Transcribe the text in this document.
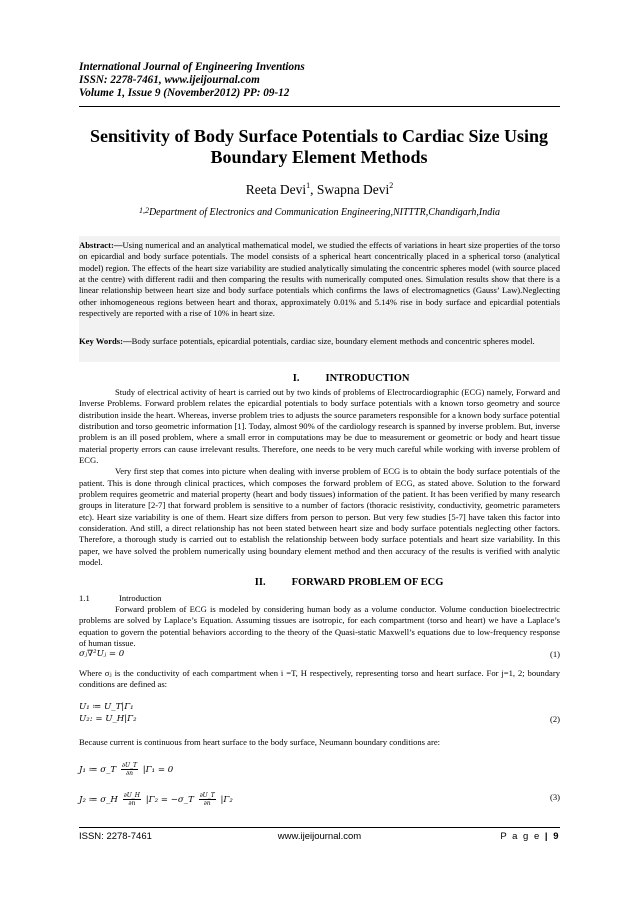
International Journal of Engineering Inventions
ISSN: 2278-7461, www.ijeijournal.com
Volume 1, Issue 9 (November2012) PP: 09-12
Sensitivity of Body Surface Potentials to Cardiac Size Using
Boundary Element Methods
Reeta Devi$^1$, Swapna Devi$^2$
$^{1,2}$Department of Electronics and Communication Engineering,NITTTR,Chandigarh,India
Abstract:—Using numerical and an analytical mathematical model, we studied the effects of variations in heart size properties of the torso on epicardial and body surface potentials. The model consists of a spherical heart concentrically placed in a spherical torso (analytical model) region. The effects of the heart size variability are studied analytically simulating the concentric spheres model (with source placed at the centre) with different radii and then comparing the results with numerically computed ones. Simulation results show that there is a linear relationship between heart size and body surface potentials which confirms the laws of electromagnetics (Gauss’ Law).Neglecting other inhomogeneous regions between heart and thorax, approximately 0.01% and 5.14% rise in body surface and epicardial potentials respectively are reported with a rise of 10% in heart size.
Key Words:—Body surface potentials, epicardial potentials, cardiac size, boundary element methods and concentric spheres model.
I. INTRODUCTION

Study of electrical activity of heart is carried out by two kinds of problems of Electrocardiographic (ECG) namely, Forward and Inverse Problems. Forward problem relates the epicardial potentials to body surface potentials with a known torso geometry and source distribution inside the heart. Whereas, inverse problem tries to adjusts the source parameters responsible for a known body surface potential distribution and torso geometric information [1]. Today, almost 90% of the cardiology research is spanned by inverse problem. But, inverse problem is an ill posed problem, where a small error in computations may be due to measurement or geometric or body and heart tissue material property errors can cause irrelevant results. Therefore, one needs to be very much careful while working with inverse problem of ECG.

Very first step that comes into picture when dealing with inverse problem of ECG is to obtain the body surface potentials of the patient. This is done through clinical practices, which composes the forward problem of ECG, as stated above. Solution to the forward problem requires geometric and material property (heart and body tissues) information of the patient. It has been verified by many research groups in literature [2-7] that forward problem is sensitive to a number of factors (thoracic resistivity, conductivity, geometric parameters etc). Heart size variability is one of them. Heart size differs from person to person. But very few studies [5-7] have taken this factor into consideration. And still, a direct relationship has not been stated between heart size and body surface potentials neglecting other factors. Therefore, a thorough study is carried out to establish the relationship between body surface potentials and heart size variability. In this paper, we have solved the problem numerically using boundary element method and then accuracy of the results is verified with analytic model.

II. FORWARD PROBLEM OF ECG
1.1	Introduction

Forward problem of ECG is modeled by considering human body as a volume conductor. Volume conduction bioelectrectric problems are solved by Laplace’s Equation. Assuming tissues are isotropic, for each compartment (torso and heart) we have a Laplace’s equation to govern the potential behaviors according to the theory of the Quasi-static Maxwell’s equations due to low-frequency response of human tissue.

σⱼ∇²Uⱼ = 0	(1)

Where σⱼ is the conductivity of each compartment when i =T, H respectively, representing torso and heart surface. For j=1, 2; boundary conditions are defined as:

U₁ ≔ U_T|Γ₁
U₂: = U_H|Γ₂	(2)

Because current is continuous from heart surface to the body surface, Neumann boundary conditions are:

J₁ ≔ σ_T $\frac{\partial U\_T}{\partial n} |\Gamma_1 = 0$
J₂ ≔ σ_H $\frac{\partial U\_H}{\partial n} |\Gamma_2$ = −σ_T $\frac{\partial U\_T}{\partial n} |\Gamma_2$	(3)
ISSN: 2278-7461	www.ijeijournal.com	P a g e | 9
